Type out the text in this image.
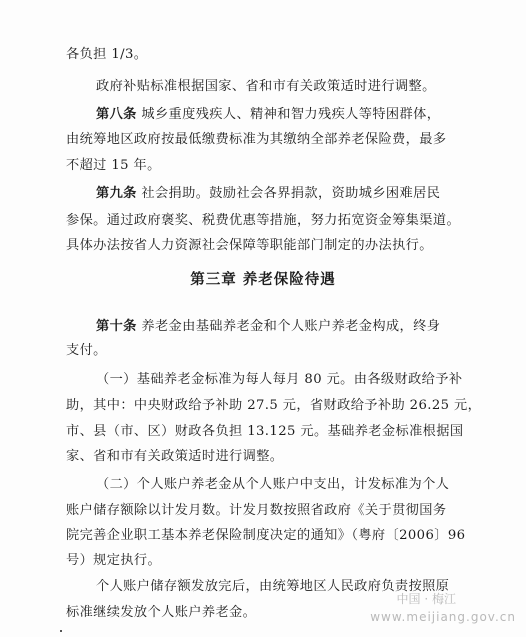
各负担 1/3。
政府补贴标准根据国家、省和市有关政策适时进行调整。
第八条 城乡重度残疾人、精神和智力残疾人等特困群体，
由统筹地区政府按最低缴费标准为其缴纳全部养老保险费，最多
不超过 15 年。
第九条 社会捐助。鼓励社会各界捐款，资助城乡困难居民
参保。通过政府褒奖、税费优惠等措施，努力拓宽资金筹集渠道。
具体办法按省人力资源社会保障等职能部门制定的办法执行。
第三章 养老保险待遇
第十条 养老金由基础养老金和个人账户养老金构成，终身
支付。
（一）基础养老金标准为每人每月 80 元。由各级财政给予补
助，其中：中央财政给予补助 27.5 元，省财政给予补助 26.25 元，
市、县（市、区）财政各负担 13.125 元。基础养老金标准根据国
家、省和市有关政策适时进行调整。
（二）个人账户养老金从个人账户中支出，计发标准为个人
账户储存额除以计发月数。计发月数按照省政府《关于贯彻国务
院完善企业职工基本养老保险制度决定的通知》（粤府〔2006〕96
号）规定执行。
个人账户储存额发放完后，由统筹地区人民政府负责按照原
标准继续发放个人账户养老金。
中国 · 梅江
www.meijiang.gov.cn
